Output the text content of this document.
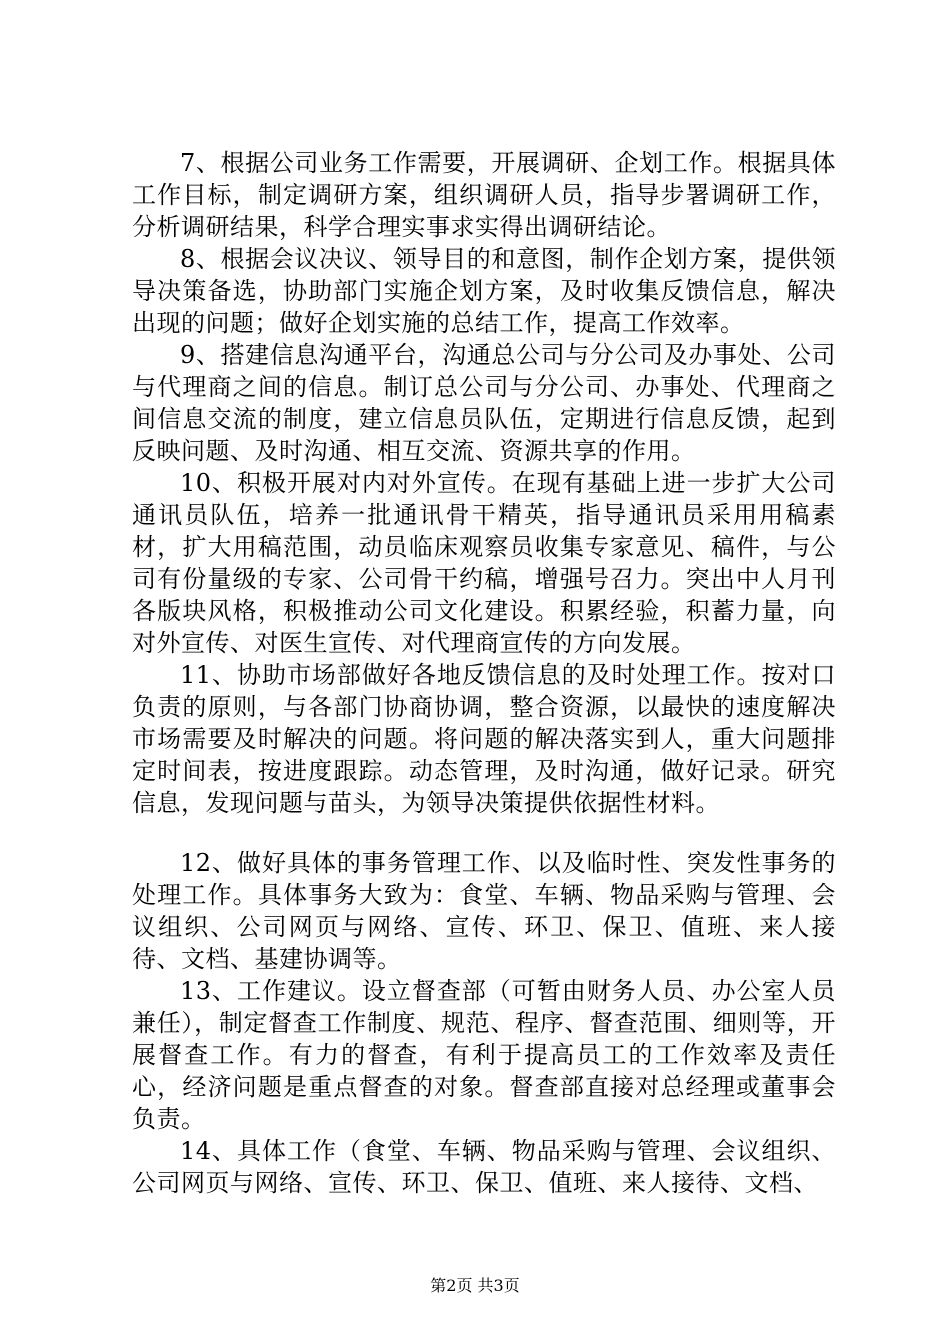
7、根据公司业务工作需要，开展调研、企划工作。根据具体工作目标，制定调研方案，组织调研人员，指导步署调研工作，分析调研结果，科学合理实事求实得出调研结论。

8、根据会议决议、领导目的和意图，制作企划方案，提供领导决策备选，协助部门实施企划方案，及时收集反馈信息，解决出现的问题；做好企划实施的总结工作，提高工作效率。

9、搭建信息沟通平台，沟通总公司与分公司及办事处、公司与代理商之间的信息。制订总公司与分公司、办事处、代理商之间信息交流的制度，建立信息员队伍，定期进行信息反馈，起到反映问题、及时沟通、相互交流、资源共享的作用。

10、积极开展对内对外宣传。在现有基础上进一步扩大公司通讯员队伍，培养一批通讯骨干精英，指导通讯员采用用稿素材，扩大用稿范围，动员临床观察员收集专家意见、稿件，与公司有份量级的专家、公司骨干约稿，增强号召力。突出中人月刊各版块风格，积极推动公司文化建设。积累经验，积蓄力量，向对外宣传、对医生宣传、对代理商宣传的方向发展。

11、协助市场部做好各地反馈信息的及时处理工作。按对口负责的原则，与各部门协商协调，整合资源，以最快的速度解决市场需要及时解决的问题。将问题的解决落实到人，重大问题排定时间表，按进度跟踪。动态管理，及时沟通，做好记录。研究信息，发现问题与苗头，为领导决策提供依据性材料。

12、做好具体的事务管理工作、以及临时性、突发性事务的处理工作。具体事务大致为：食堂、车辆、物品采购与管理、会议组织、公司网页与网络、宣传、环卫、保卫、值班、来人接待、文档、基建协调等。

13、工作建议。设立督查部（可暂由财务人员、办公室人员兼任），制定督查工作制度、规范、程序、督查范围、细则等，开展督查工作。有力的督查，有利于提高员工的工作效率及责任心，经济问题是重点督查的对象。督查部直接对总经理或董事会负责。

14、具体工作（食堂、车辆、物品采购与管理、会议组织、公司网页与网络、宣传、环卫、保卫、值班、来人接待、文档、

第2页 共3页
